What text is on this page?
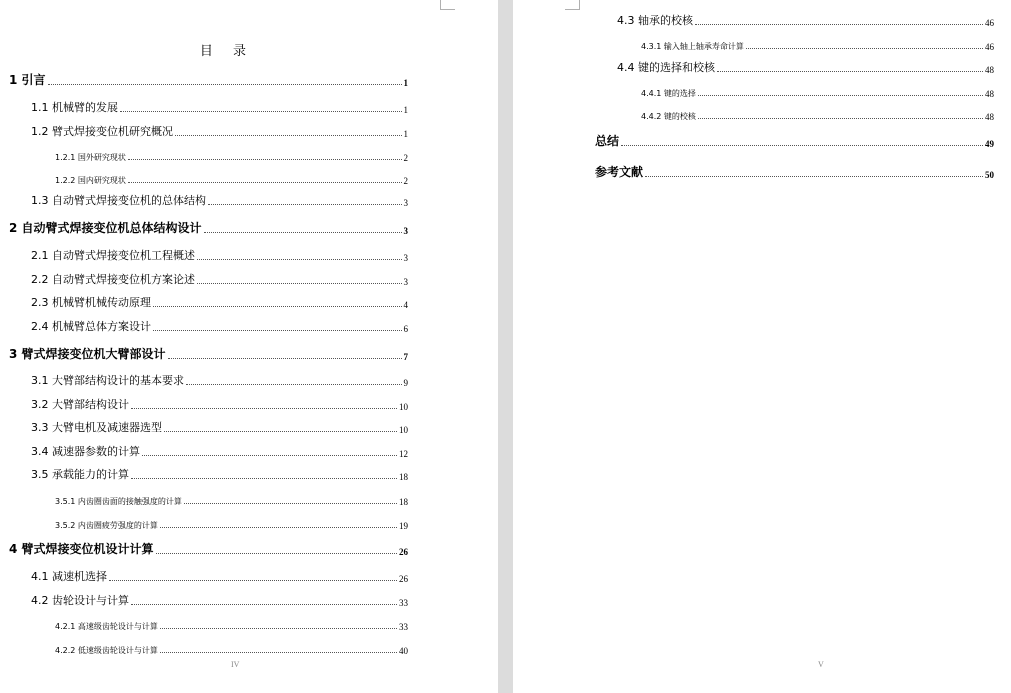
目 录
1 引言	1
1.1 机械臂的发展	1
1.2 臂式焊接变位机研究概况	1
1.2.1 国外研究现状	2
1.2.2 国内研究现状	2
1.3 自动臂式焊接变位机的总体结构	3
2 自动臂式焊接变位机总体结构设计	3
2.1 自动臂式焊接变位机工程概述	3
2.2 自动臂式焊接变位机方案论述	3
2.3 机械臂机械传动原理	4
2.4 机械臂总体方案设计	6
3 臂式焊接变位机大臂部设计	7
3.1 大臂部结构设计的基本要求	9
3.2 大臂部结构设计	10
3.3 大臂电机及减速器选型	10
3.4 减速器参数的计算	12
3.5 承载能力的计算	18
3.5.1 内齿圈齿面的接触强度的计算	18
3.5.2 内齿圈疲劳强度的计算	19
4 臂式焊接变位机设计计算	26
4.1 减速机选择	26
4.2 齿轮设计与计算	33
4.2.1 高速级齿轮设计与计算	33
4.2.2 低速级齿轮设计与计算	40
IV
4.3 轴承的校核	46
4.3.1 输入轴上轴承寿命计算	46
4.4 键的选择和校核	48
4.4.1 键的选择	48
4.4.2 键的校核	48
总结	49
参考文献	50
V
